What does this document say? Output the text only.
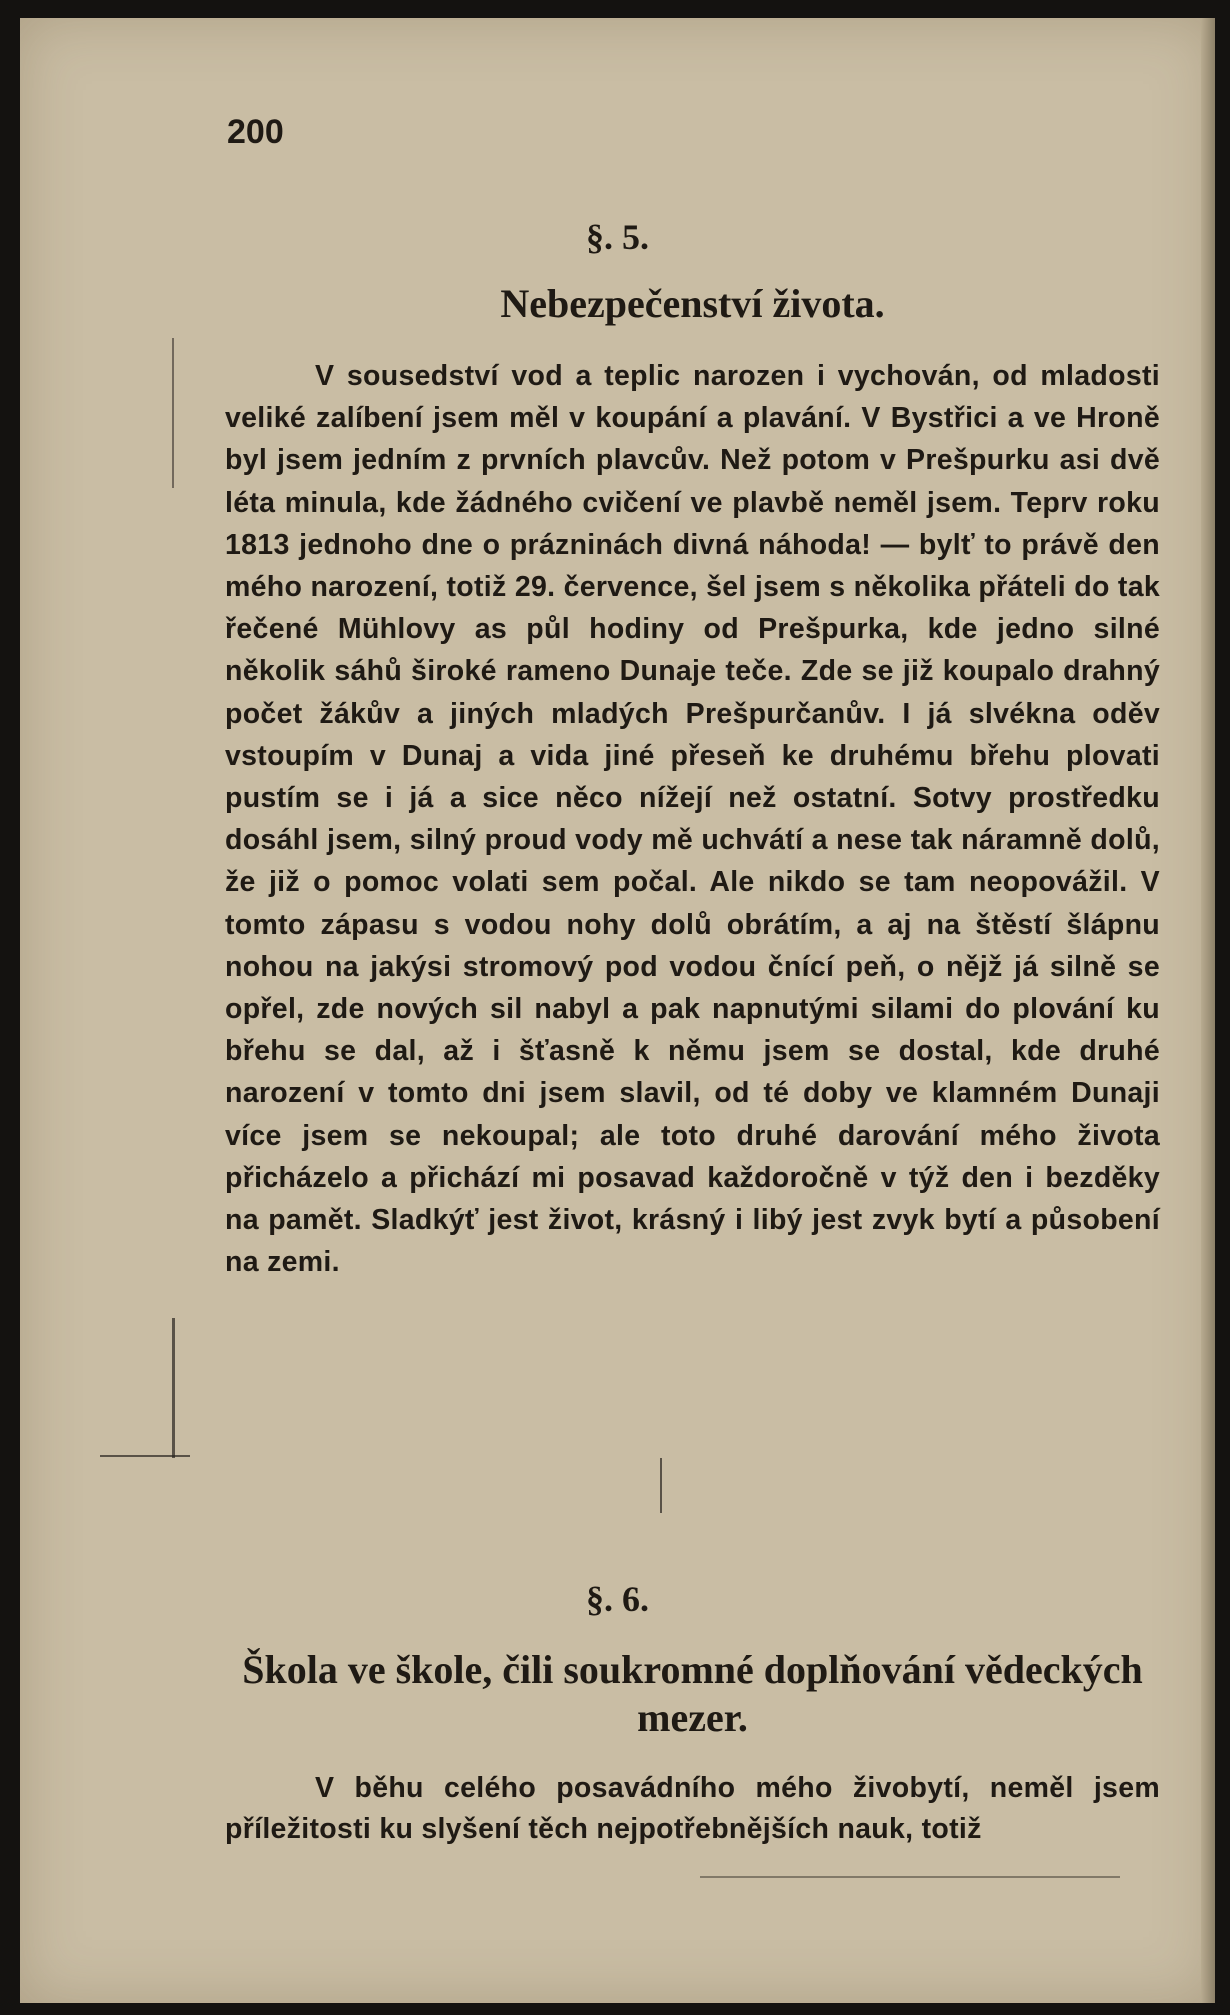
200
§. 5.
Nebezpečenství života.

V sousedství vod a teplic narozen i vychován, od mladosti veliké zalíbení jsem měl v koupání a plavání. V Bystřici a ve Hroně byl jsem jedním z prvních plavcův. Než potom v Prešpurku asi dvě léta minula, kde žádného cvičení ve plavbě neměl jsem. Teprv roku 1813 jednoho dne o prázninách divná náhoda! — bylť to právě den mého narození, totiž 29. července, šel jsem s několika přáteli do tak řečené Mühlovy as půl hodiny od Prešpurka, kde jedno silné několik sáhů široké rameno Dunaje teče. Zde se již koupalo drahný počet žákův a jiných mladých Prešpurčanův. I já slvékna oděv vstoupím v Dunaj a vida jiné přeseň ke druhému břehu plovati pustím se i já a sice něco nížejí než ostatní. Sotvy prostředku dosáhl jsem, silný proud vody mě uchvátí a nese tak náramně dolů, že již o pomoc volati sem počal. Ale nikdo se tam neopovážil. V tomto zápasu s vodou nohy dolů obrátím, a aj na štěstí šlápnu nohou na jakýsi stromový pod vodou čnící peň, o nějž já silně se opřel, zde nových sil nabyl a pak napnutými silami do plování ku břehu se dal, až i šťasně k němu jsem se dostal, kde druhé narození v tomto dni jsem slavil, od té doby ve klamném Dunaji více jsem se nekoupal; ale toto druhé darování mého života přicházelo a přichází mi posavad každoročně v týž den i bezděky na pamět. Sladkýť jest život, krásný i libý jest zvyk bytí a působení na zemi.

§. 6.
Škola ve škole, čili soukromné doplňování vědeckých mezer.

V běhu celého posavádního mého živobytí, neměl jsem příležitosti ku slyšení těch nejpotřebnějších nauk, totiž
